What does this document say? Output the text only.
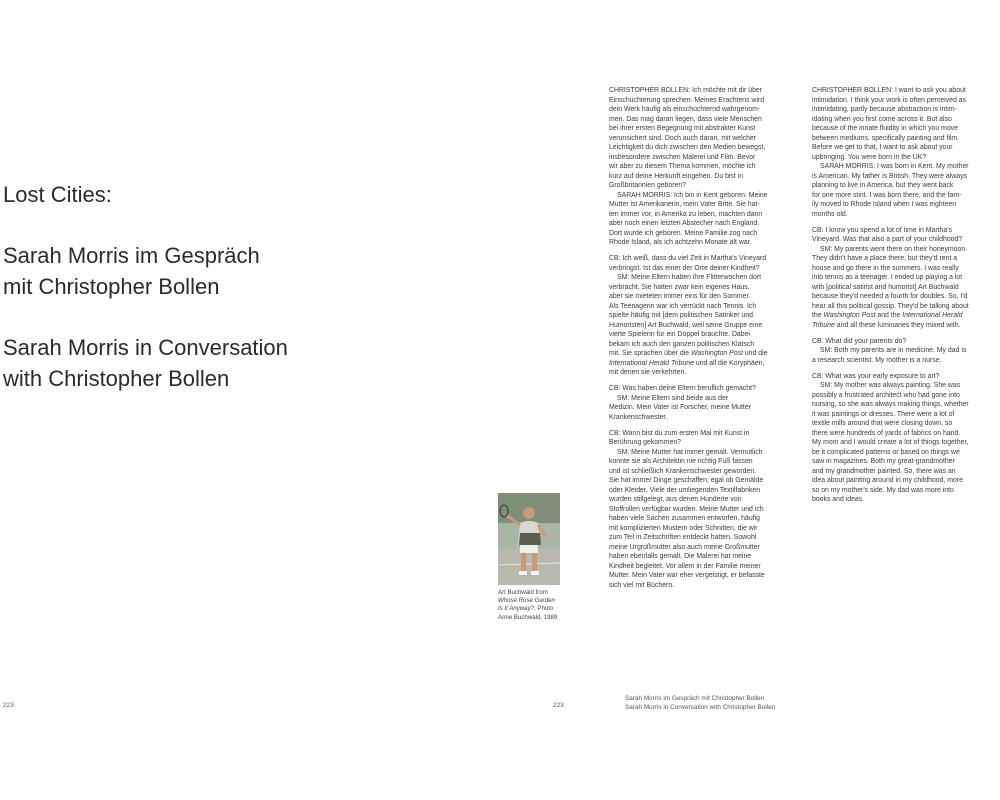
Lost Cities:
Sarah Morris im Gespräch
mit Christopher Bollen
Sarah Morris in Conversation
with Christopher Bollen
Art Buchwald from
Whose Rose Garden
Is It Anyway?, Photo
Anne Buchwald, 1989
CHRISTOPHER BOLLEN: Ich möchte mit dir über
Einschüchterung sprechen. Meines Erachtens wird
dein Werk häufig als einschüchternd wahrgenom-
men. Das mag daran liegen, dass viele Menschen
bei ihrer ersten Begegnung mit abstrakter Kunst
verunsichert sind. Doch auch daran, mit welcher
Leichtigkeit du dich zwischen den Medien bewegst,
insbesondere zwischen Malerei und Film. Bevor
wir aber zu diesem Thema kommen, möchte ich
kurz auf deine Herkunft eingehen. Du bist in
Großbritannien geboren?
SARAH MORRIS: Ich bin in Kent geboren. Meine
Mutter ist Amerikanerin, mein Vater Brite. Sie hat-
ten immer vor, in Amerika zu leben, machten dann
aber noch einen letzten Abstecher nach England.
Dort wurde ich geboren. Meine Familie zog nach
Rhode Island, als ich achtzehn Monate alt war.
CB: Ich weiß, dass du viel Zeit in Martha's Vineyard
verbringst. Ist das einer der Orte deiner Kindheit?
SM: Meine Eltern haben ihre Flitterwochen dort
verbracht. Sie hatten zwar kein eigenes Haus,
aber sie mieteten immer eins für den Sommer.
Als Teenagerin war ich verrückt nach Tennis. Ich
spielte häufig mit [dem politischen Satiriker und
Humoristen] Art Buchwald, weil seine Gruppe eine
vierte Spielerin für ein Doppel brauchte. Dabei
bekam ich auch den ganzen politischen Klatsch
mit. Sie sprachen über die Washington Post und die
International Herald Tribune und all die Koryphäen,
mit denen sie verkehrten.
CB: Was haben deine Eltern beruflich gemacht?
SM: Meine Eltern sind beide aus der
Medizin. Mein Vater ist Forscher, meine Mutter
Krankenschwester.
CB: Wann bist du zum ersten Mal mit Kunst in
Berührung gekommen?
SM: Meine Mutter hat immer gemalt. Vermutlich
konnte sie als Architektin nie richtig Fuß fassen
und ist schließlich Krankenschwester geworden.
Sie hat immer Dinge geschaffen, egal ob Gemälde
oder Kleider. Viele der umliegenden Textilfabriken
wurden stillgelegt, aus denen Hunderte von
Stoffrollen verfügbar wurden. Meine Mutter und ich
haben viele Sachen zusammen entworfen, häufig
mit komplizierten Mustern oder Schnitten, die wir
zum Teil in Zeitschriften entdeckt hatten. Sowohl
meine Urgroßmutter also auch meine Großmutter
haben ebenfalls gemalt. Die Malerei hat meine
Kindheit begleitet. Vor allem in der Familie meiner
Mutter. Mein Vater war eher vergeistigt, er befasste
sich viel mit Büchern.
CHRISTOPHER BOLLEN: I want to ask you about
intimidation. I think your work is often perceived as
intimidating, partly because abstraction is intim-
idating when you first come across it. But also
because of the innate fluidity in which you move
between mediums, specifically painting and film.
Before we get to that, I want to ask about your
upbringing. You were born in the UK?
SARAH MORRIS: I was born in Kent. My mother
is American. My father is British. They were always
planning to live in America, but they went back
for one more stint. I was born there, and the fam-
ily moved to Rhode Island when I was eighteen
months old.
CB: I know you spend a lot of time in Martha's
Vineyard. Was that also a part of your childhood?
SM: My parents went there on their honeymoon.
They didn't have a place there, but they'd rent a
house and go there in the summers. I was really
into tennis as a teenager. I ended up playing a lot
with [political satirist and humorist] Art Buchwald
because they'd needed a fourth for doubles. So, I'd
hear all this political gossip. They'd be talking about
the Washington Post and the International Herald
Tribune and all these luminaries they mixed with.
CB: What did your parents do?
SM: Both my parents are in medicine. My dad is
a research scientist. My mother is a nurse.
CB: What was your early exposure to art?
SM: My mother was always painting. She was
possibly a frustrated architect who had gone into
nursing, so she was always making things, whether
it was paintings or dresses. There were a lot of
textile mills around that were closing down, so
there were hundreds of yards of fabrics on hand.
My mom and I would create a lot of things together,
be it complicated patterns or based on things we
saw in magazines. Both my great-grandmother
and my grandmother painted. So, there was an
idea about painting around in my childhood, more
so on my mother's side. My dad was more into
books and ideas.
223	223
Sarah Morris im Gespräch mit Christopher Bollen
Sarah Morris in Conversation with Christopher Bollen
